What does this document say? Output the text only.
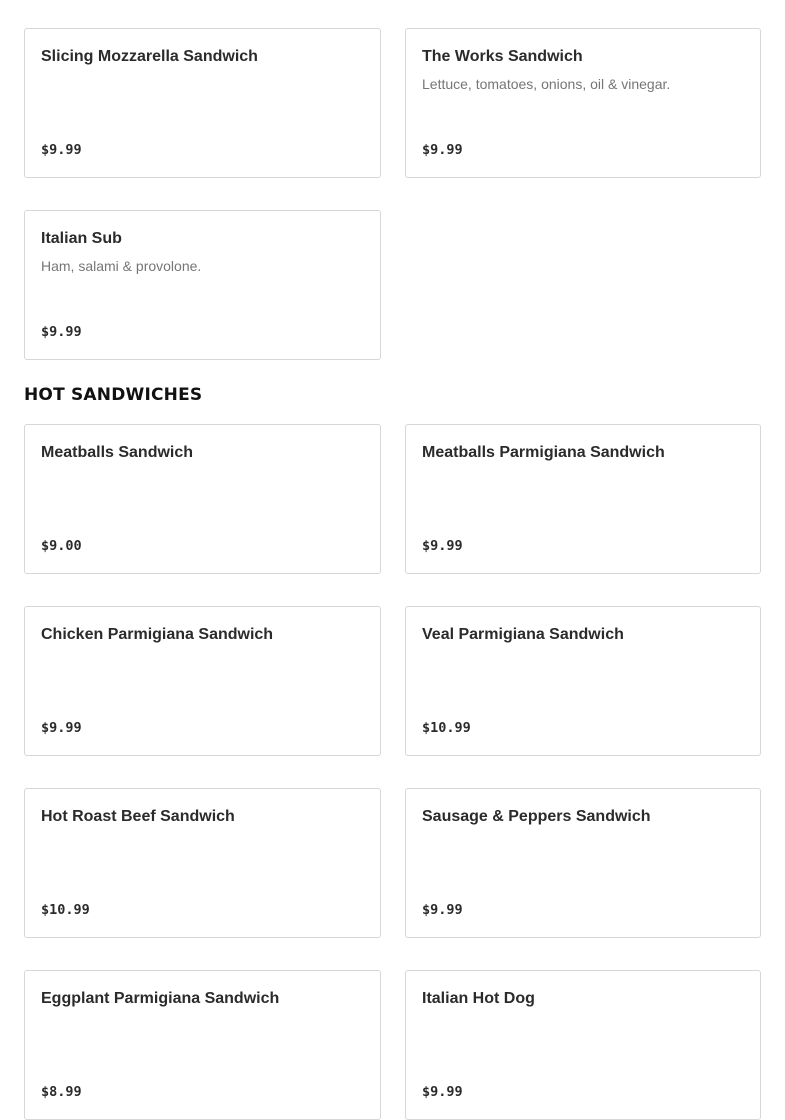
Slicing Mozzarella Sandwich
$9.99
The Works Sandwich
Lettuce, tomatoes, onions, oil & vinegar.
$9.99
Italian Sub
Ham, salami & provolone.
$9.99
HOT SANDWICHES
Meatballs Sandwich
$9.00
Meatballs Parmigiana Sandwich
$9.99
Chicken Parmigiana Sandwich
$9.99
Veal Parmigiana Sandwich
$10.99
Hot Roast Beef Sandwich
$10.99
Sausage & Peppers Sandwich
$9.99
Eggplant Parmigiana Sandwich
$8.99
Italian Hot Dog
$9.99
